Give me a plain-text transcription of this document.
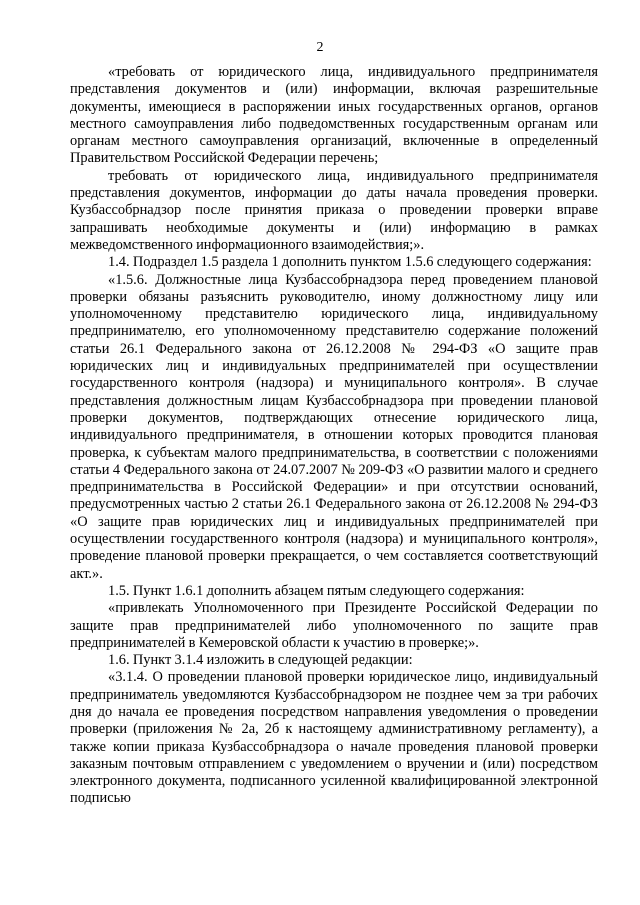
2

«требовать от юридического лица, индивидуального предпринимателя представления документов и (или) информации, включая разрешительные документы, имеющиеся в распоряжении иных государственных органов, органов местного самоуправления либо подведомственных государственным органам или органам местного самоуправления организаций, включенные в определенный Правительством Российской Федерации перечень;

требовать от юридического лица, индивидуального предпринимателя представления документов, информации до даты начала проведения проверки. Кузбассобрнадзор после принятия приказа о проведении проверки вправе запрашивать необходимые документы и (или) информацию в рамках межведомственного информационного взаимодействия;».

1.4. Подраздел 1.5 раздела 1 дополнить пунктом 1.5.6 следующего содержания:

«1.5.6. Должностные лица Кузбассобрнадзора перед проведением плановой проверки обязаны разъяснить руководителю, иному должностному лицу или уполномоченному представителю юридического лица, индивидуальному предпринимателю, его уполномоченному представителю содержание положений статьи 26.1 Федерального закона от 26.12.2008 № 294-ФЗ «О защите прав юридических лиц и индивидуальных предпринимателей при осуществлении государственного контроля (надзора) и муниципального контроля». В случае представления должностным лицам Кузбассобрнадзора при проведении плановой проверки документов, подтверждающих отнесение юридического лица, индивидуального предпринимателя, в отношении которых проводится плановая проверка, к субъектам малого предпринимательства, в соответствии с положениями статьи 4 Федерального закона от 24.07.2007 № 209-ФЗ «О развитии малого и среднего предпринимательства в Российской Федерации» и при отсутствии оснований, предусмотренных частью 2 статьи 26.1 Федерального закона от 26.12.2008 № 294-ФЗ «О защите прав юридических лиц и индивидуальных предпринимателей при осуществлении государственного контроля (надзора) и муниципального контроля», проведение плановой проверки прекращается, о чем составляется соответствующий акт.».

1.5. Пункт 1.6.1 дополнить абзацем пятым следующего содержания:

«привлекать Уполномоченного при Президенте Российской Федерации по защите прав предпринимателей либо уполномоченного по защите прав предпринимателей в Кемеровской области к участию в проверке;».

1.6. Пункт 3.1.4 изложить в следующей редакции:

«3.1.4. О проведении плановой проверки юридическое лицо, индивидуальный предприниматель уведомляются Кузбассобрнадзором не позднее чем за три рабочих дня до начала ее проведения посредством направления уведомления о проведении проверки (приложения № 2а, 2б к настоящему административному регламенту), а также копии приказа Кузбассобрнадзора о начале проведения плановой проверки заказным почтовым отправлением с уведомлением о вручении и (или) посредством электронного документа, подписанного усиленной квалифицированной электронной подписью
